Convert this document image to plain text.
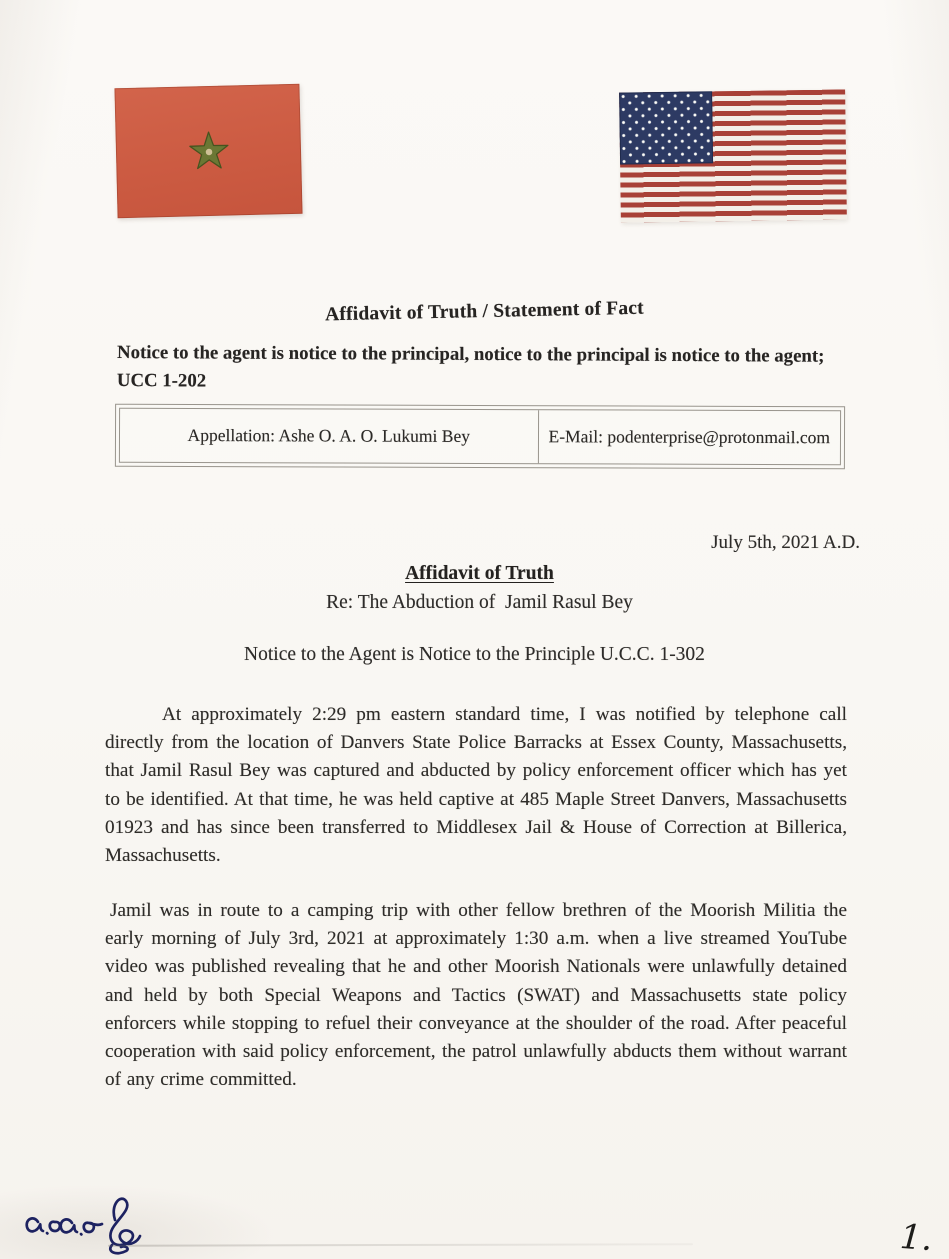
Affidavit of Truth / Statement of Fact
Notice to the agent is notice to the principal, notice to the principal is notice to the agent;
UCC 1-202
Appellation: Ashe O. A. O. Lukumi Bey	E-Mail: podenterprise@protonmail.com
July 5th, 2021 A.D.
Affidavit of Truth
Re: The Abduction of  Jamil Rasul Bey
Notice to the Agent is Notice to the Principle U.C.C. 1-302
At approximately 2:29 pm eastern standard time, I was notified by telephone call directly from the location of Danvers State Police Barracks at Essex County, Massachusetts, that Jamil Rasul Bey was captured and abducted by policy enforcement officer which has yet to be identified. At that time, he was held captive at 485 Maple Street Danvers, Massachusetts 01923 and has since been transferred to Middlesex Jail & House of Correction at Billerica, Massachusetts.
Jamil was in route to a camping trip with other fellow brethren of the Moorish Militia the early morning of July 3rd, 2021 at approximately 1:30 a.m. when a live streamed YouTube video was published revealing that he and other Moorish Nationals were unlawfully detained and held by both Special Weapons and Tactics (SWAT) and Massachusetts state policy enforcers while stopping to refuel their conveyance at the shoulder of the road. After peaceful cooperation with said policy enforcement, the patrol unlawfully abducts them without warrant of any crime committed.
1.
